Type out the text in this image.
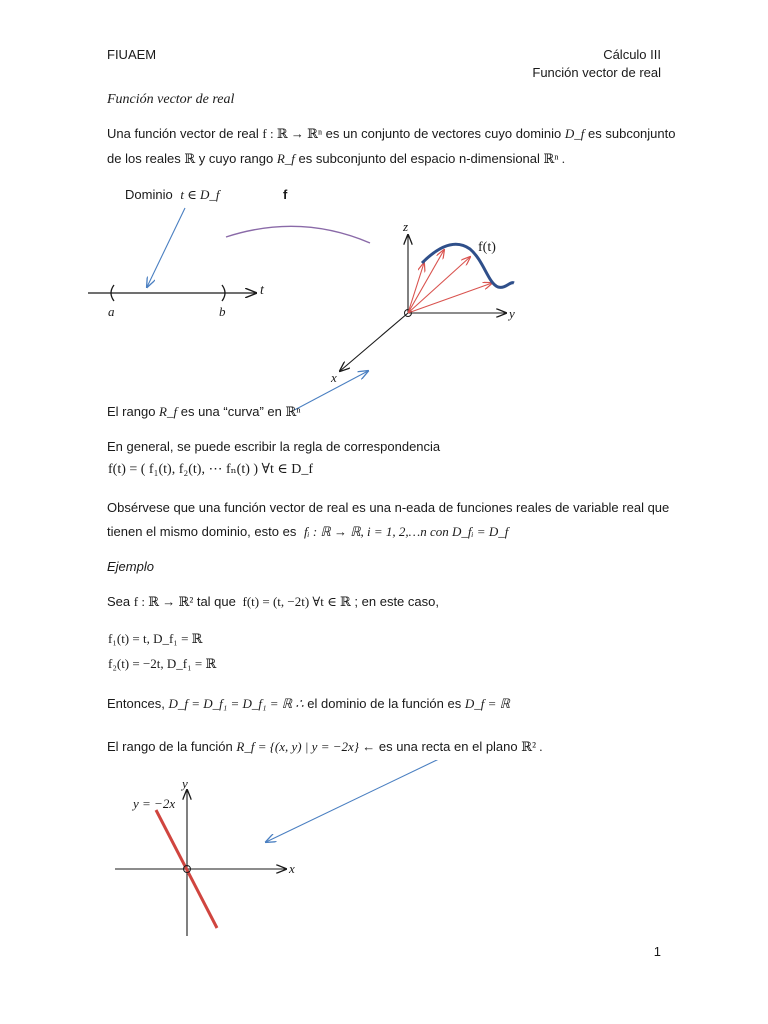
FIUAEM	Cálculo III
Función vector de real
Función vector de real
Una función vector de real f : ℝ → ℝⁿ es un conjunto de vectores cuyo dominio D_f es subconjunto
de los reales ℝ y cuyo rango R_f es subconjunto del espacio n-dimensional ℝⁿ .
Dominio t ∈ D_f	f
t
a	b
z
y
x
f(t)
El rango R_f es una “curva” en ℝⁿ
En general, se puede escribir la regla de correspondencia
f(t) = ( f₁(t), f₂(t), ⋯ fₙ(t) ) ∀t ∈ D_f
Obsérvese que una función vector de real es una n-eada de funciones reales de variable real que
tienen el mismo dominio, esto es fᵢ : ℝ → ℝ, i = 1, 2,…n con D_fᵢ = D_f
Ejemplo
Sea f : ℝ → ℝ² tal que f(t) = (t, −2t) ∀t ∈ ℝ ; en este caso,
f₁(t) = t, D_f₁ = ℝ
f₂(t) = −2t, D_f₁ = ℝ
Entonces, D_f = D_f₁ = D_f₁ = ℝ ∴ el dominio de la función es D_f = ℝ
El rango de la función R_f = {(x, y) | y = −2x} ← es una recta en el plano ℝ² .
y = −2x
y
x
1
